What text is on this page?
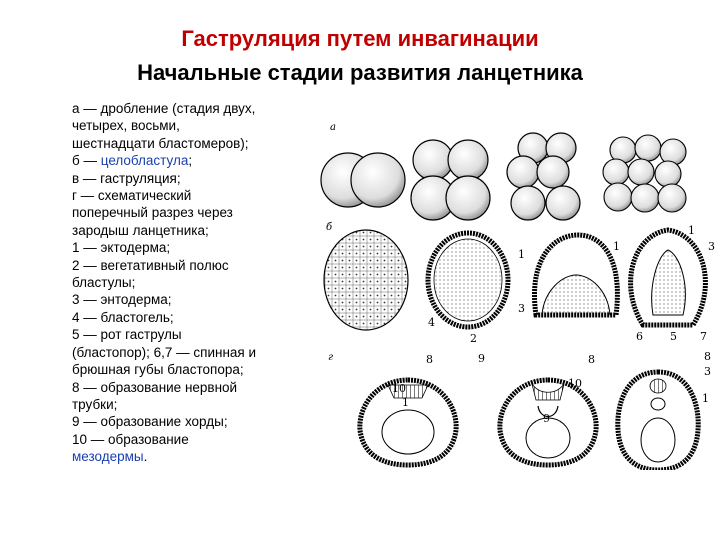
Гаструляция путем инвагинации
Начальные стадии развития ланцетника
а — дробление (стадия двух,
четырех, восьми,
шестнадцати бластомеров);
б — целобластула;
в — гаструляция;
г — схематический
поперечный разрез через
зародыш ланцетника;
1 — эктодерма;
2 — вегетативный полюс
бластулы;
3 — энтодерма;
4 — бластогель;
5 — рот гаструлы
(бластопор); 6,7 — спинная и
брюшная губы бластопора;
8 — образование нервной
трубки;
9 — образование хорды;
10 — образование
мезодермы.
а
б
г
1
2
3
4
1
1
3
6 5 7
8	9
10
1
8
9
10
8
3
1
